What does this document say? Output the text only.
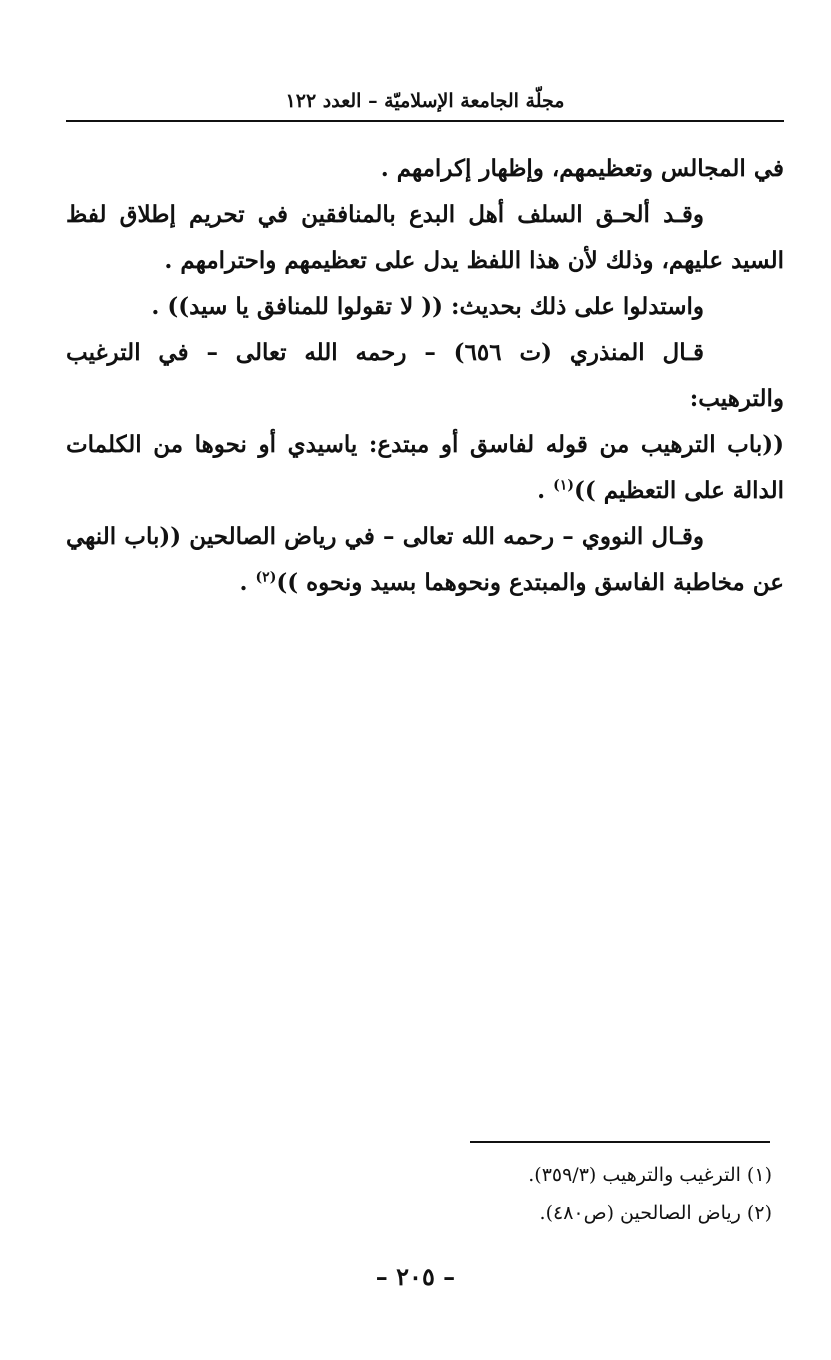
مجلّة الجامعة الإسلاميّة – العدد ١٢٢

في المجالس وتعظيمهم، وإظهار إكرامهم .

وقـد ألحـق السلف أهل البدع بالمنافقين في تحريم إطلاق لفظ السيد عليهم، وذلك لأن هذا اللفظ يدل على تعظيمهم واحترامهم .

واستدلوا على ذلك بحديث: (( لا تقولوا للمنافق يا سيد)) .

قـال المنذري (ت ٦٥٦) – رحمه الله تعالى – في الترغيب والترهيب:

((باب الترهيب من قوله لفاسق أو مبتدع: ياسيدي أو نحوها من الكلمات الدالة على التعظيم ))$^{(١)}$ .

وقـال النووي – رحمه الله تعالى – في رياض الصالحين ((باب النهي عن مخاطبة الفاسق والمبتدع ونحوهما بسيد ونحوه ))$^{(٢)}$ .

(١) الترغيب والترهيب (٣٥٩/٣).
(٢) رياض الصالحين (ص٤٨٠).
– ٢٠٥ –
